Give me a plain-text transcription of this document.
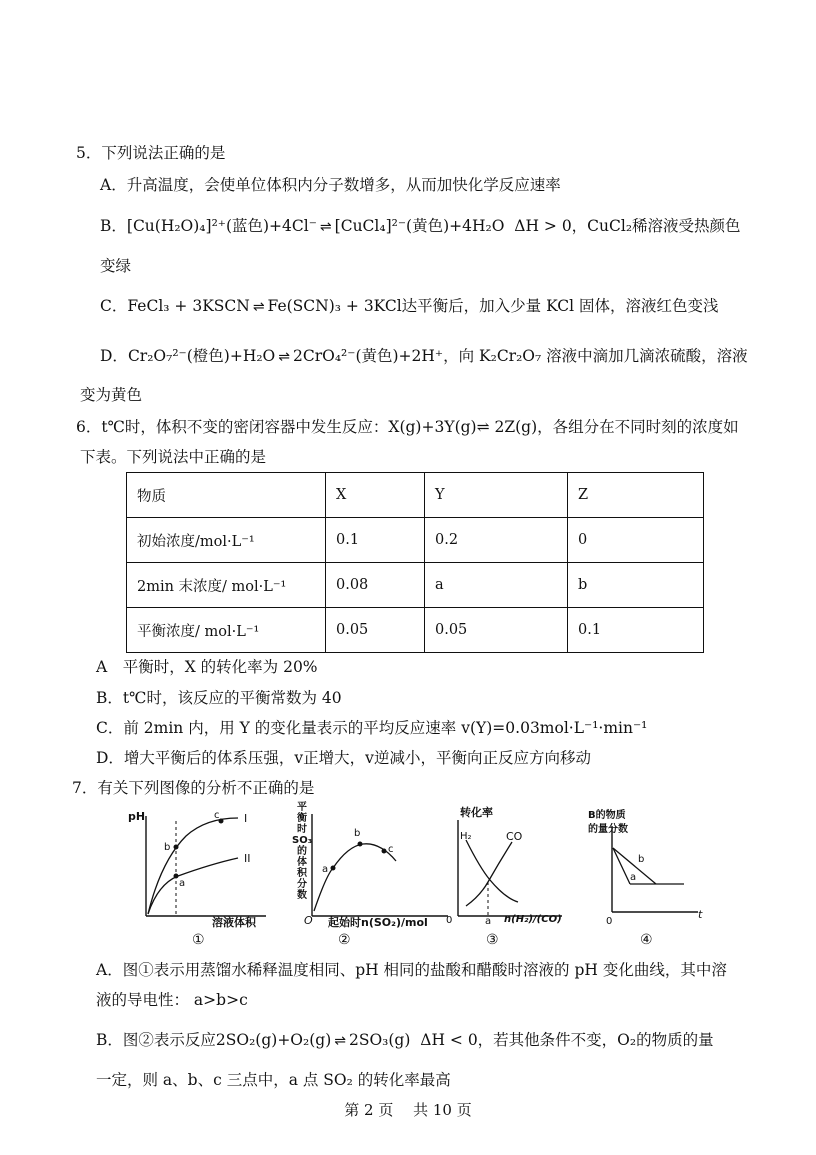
5．下列说法正确的是
A．升高温度，会使单位体积内分子数增多，从而加快化学反应速率
B．[Cu(H₂O)₄]²⁺(蓝色)+4Cl⁻ ⇌ [CuCl₄]²⁻(黄色)+4H₂O ΔH > 0，CuCl₂稀溶液受热颜色
变绿
C．FeCl₃ + 3KSCN ⇌ Fe(SCN)₃ + 3KCl达平衡后，加入少量 KCl 固体，溶液红色变浅
D．Cr₂O₇²⁻(橙色)+H₂O ⇌ 2CrO₄²⁻(黄色)+2H⁺，向 K₂Cr₂O₇ 溶液中滴加几滴浓硫酸，溶液
变为黄色
6．t℃时，体积不变的密闭容器中发生反应：X(g)+3Y(g)⇌ 2Z(g)，各组分在不同时刻的浓度如
下表。下列说法中正确的是
物质	X	Y	Z
初始浓度/mol·L⁻¹	0.1	0.2	0
2min 末浓度/ mol·L⁻¹	0.08	a	b
平衡浓度/ mol·L⁻¹	0.05	0.05	0.1
A　平衡时，X 的转化率为 20%
B．t℃时，该反应的平衡常数为 40
C．前 2min 内，用 Y 的变化量表示的平均反应速率 v(Y)=0.03mol·L⁻¹·min⁻¹
D．增大平衡后的体系压强，v正增大，v逆减小，平衡向正反应方向移动
7．有关下列图像的分析不正确的是
pH	I
II
b
a
c
溶液体积
①
a
b
c
O
平
衡
时
SO₃
的
体
积
分
数
起始时n(SO₂)/mol
②
转化率
H₂	CO
0	a n(H₂)/(CO)
③
B的物质
的量分数
b
a
0
t
④
A．图①表示用蒸馏水稀释温度相同、pH 相同的盐酸和醋酸时溶液的 pH 变化曲线，其中溶
液的导电性： a>b>c
B．图②表示反应2SO₂(g)+O₂(g) ⇌ 2SO₃(g) ΔH < 0，若其他条件不变，O₂的物质的量
一定，则 a、b、c 三点中，a 点 SO₂ 的转化率最高
第 2 页　 共 10 页
